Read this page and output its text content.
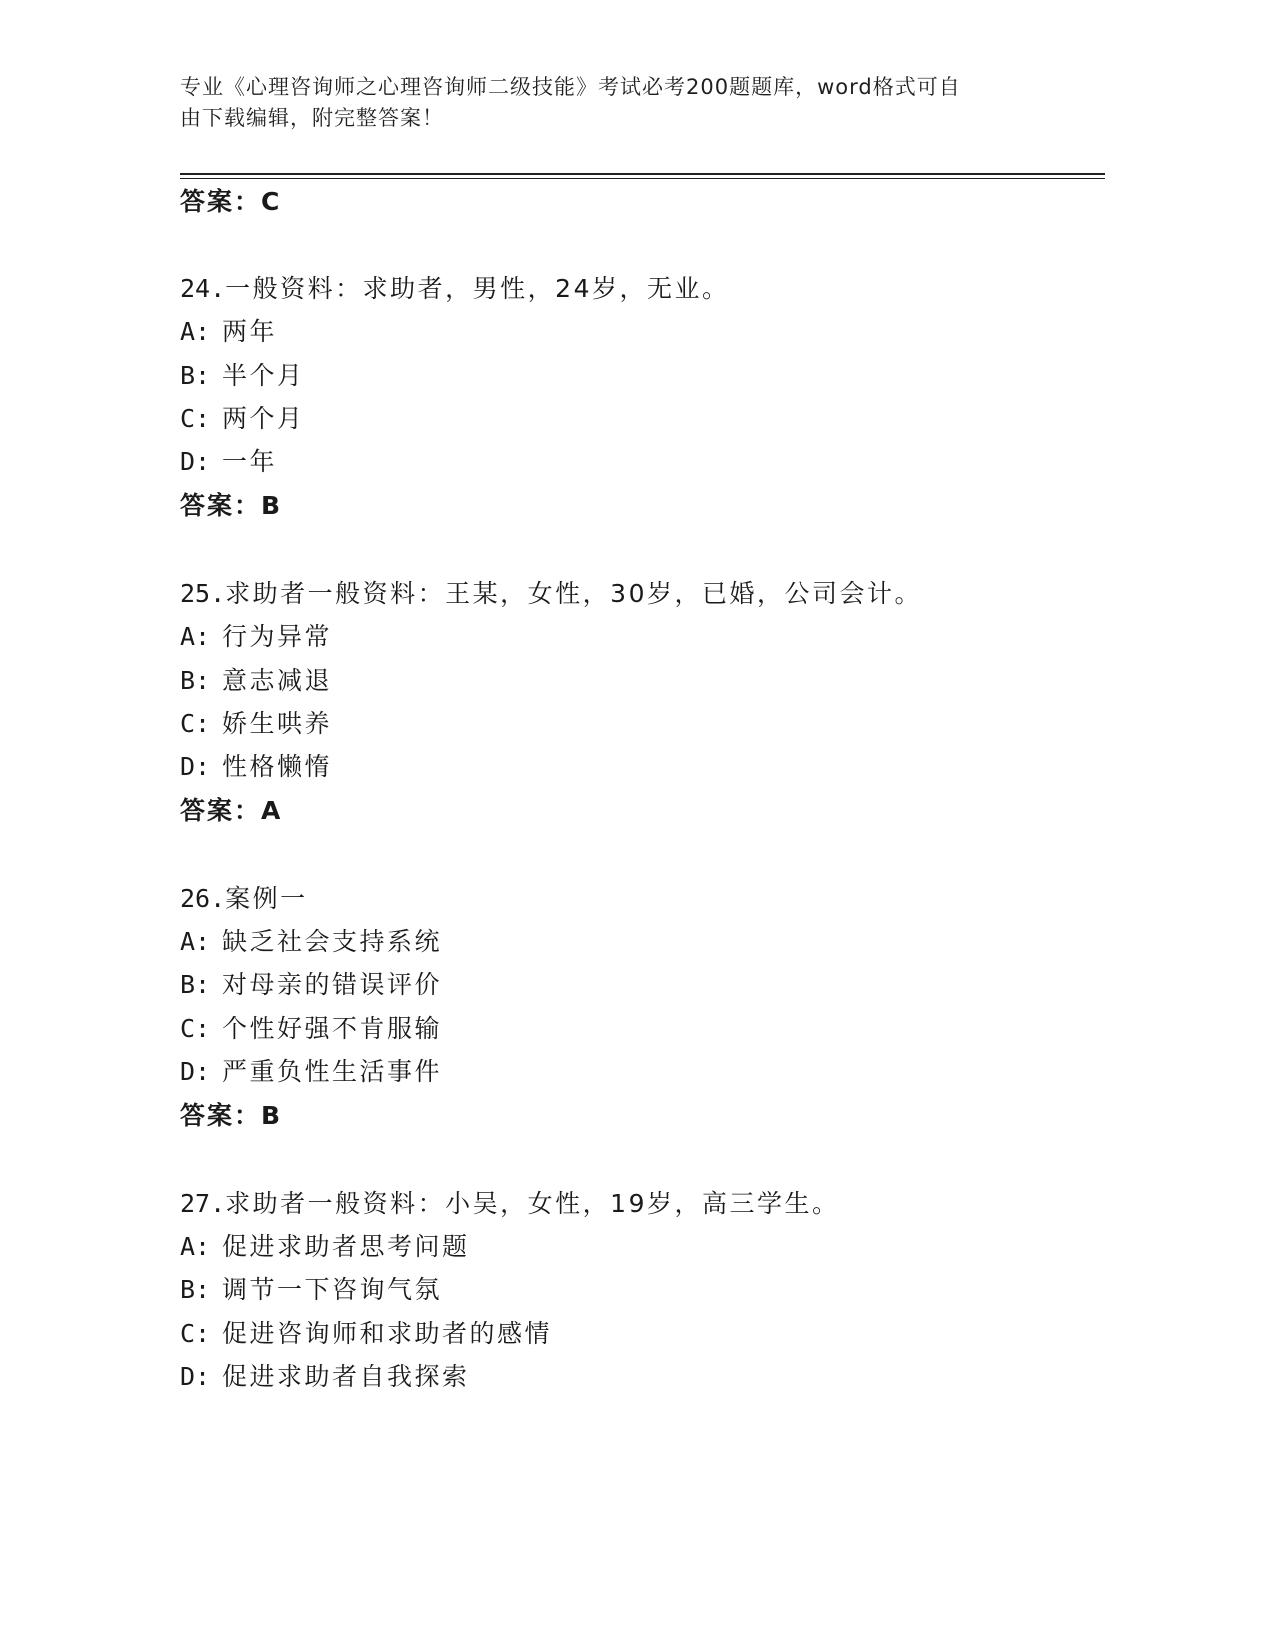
专业《心理咨询师之心理咨询师二级技能》考试必考200题题库，word格式可自
由下载编辑，附完整答案！
答案：C
24.一般资料：求助者，男性，24岁，无业。
A: 两年
B: 半个月
C: 两个月
D: 一年
答案：B
25.求助者一般资料：王某，女性，30岁，已婚，公司会计。
A: 行为异常
B: 意志减退
C: 娇生哄养
D: 性格懒惰
答案：A
26.案例一
A: 缺乏社会支持系统
B: 对母亲的错误评价
C: 个性好强不肯服输
D: 严重负性生活事件
答案：B
27.求助者一般资料：小吴，女性，19岁，高三学生。
A: 促进求助者思考问题
B: 调节一下咨询气氛
C: 促进咨询师和求助者的感情
D: 促进求助者自我探索
